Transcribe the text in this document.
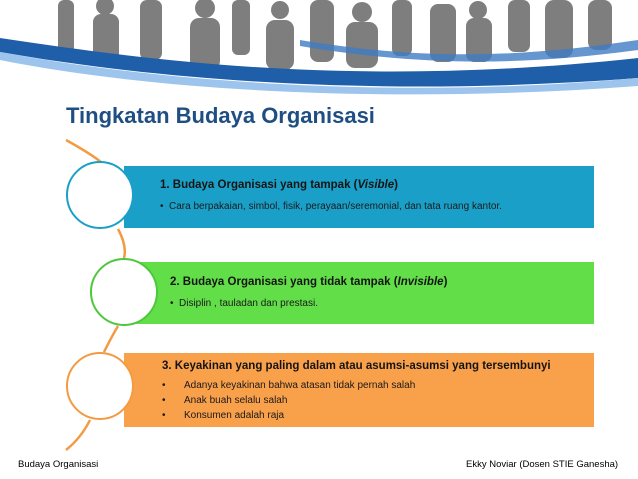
Tingkatan Budaya Organisasi
1. Budaya Organisasi yang tampak (Visible)
• Cara berpakaian, simbol, fisik, perayaan/seremonial, dan tata ruang kantor.
2. Budaya Organisasi yang tidak tampak (Invisible)
• Disiplin , tauladan dan prestasi.
3. Keyakinan yang paling dalam atau asumsi-asumsi yang tersembunyi
• Adanya keyakinan bahwa atasan tidak pernah salah
• Anak buah selalu salah
• Konsumen adalah raja
Budaya Organisasi	Ekky Noviar (Dosen STIE Ganesha)
